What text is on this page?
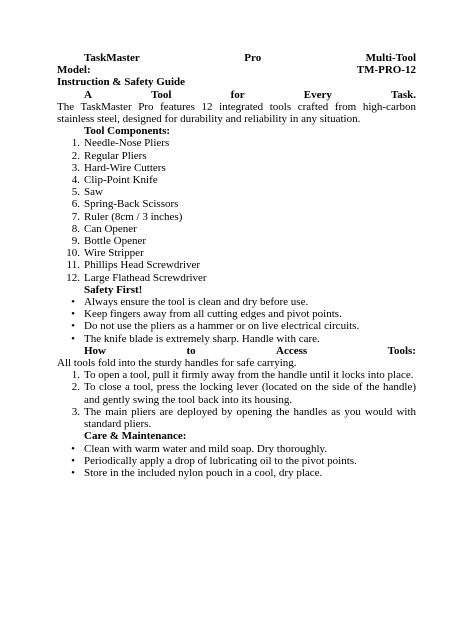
TaskMaster	Pro	Multi-Tool
Model:	TM-PRO-12
Instruction & Safety Guide
A	Tool	for	Every	Task.
The TaskMaster Pro features 12 integrated tools crafted from high-carbon stainless steel, designed for durability and reliability in any situation.
Tool Components:
1. Needle-Nose Pliers
2. Regular Pliers
3. Hard-Wire Cutters
4. Clip-Point Knife
5. Saw
6. Spring-Back Scissors
7. Ruler (8cm / 3 inches)
8. Can Opener
9. Bottle Opener
10. Wire Stripper
11. Phillips Head Screwdriver
12. Large Flathead Screwdriver
Safety First!
• Always ensure the tool is clean and dry before use.
• Keep fingers away from all cutting edges and pivot points.
• Do not use the pliers as a hammer or on live electrical circuits.
• The knife blade is extremely sharp. Handle with care.
How	to	Access	Tools:
All tools fold into the sturdy handles for safe carrying.
1. To open a tool, pull it firmly away from the handle until it locks into place.
2. To close a tool, press the locking lever (located on the side of the handle) and gently swing the tool back into its housing.
3. The main pliers are deployed by opening the handles as you would with standard pliers.
Care & Maintenance:
• Clean with warm water and mild soap. Dry thoroughly.
• Periodically apply a drop of lubricating oil to the pivot points.
• Store in the included nylon pouch in a cool, dry place.
